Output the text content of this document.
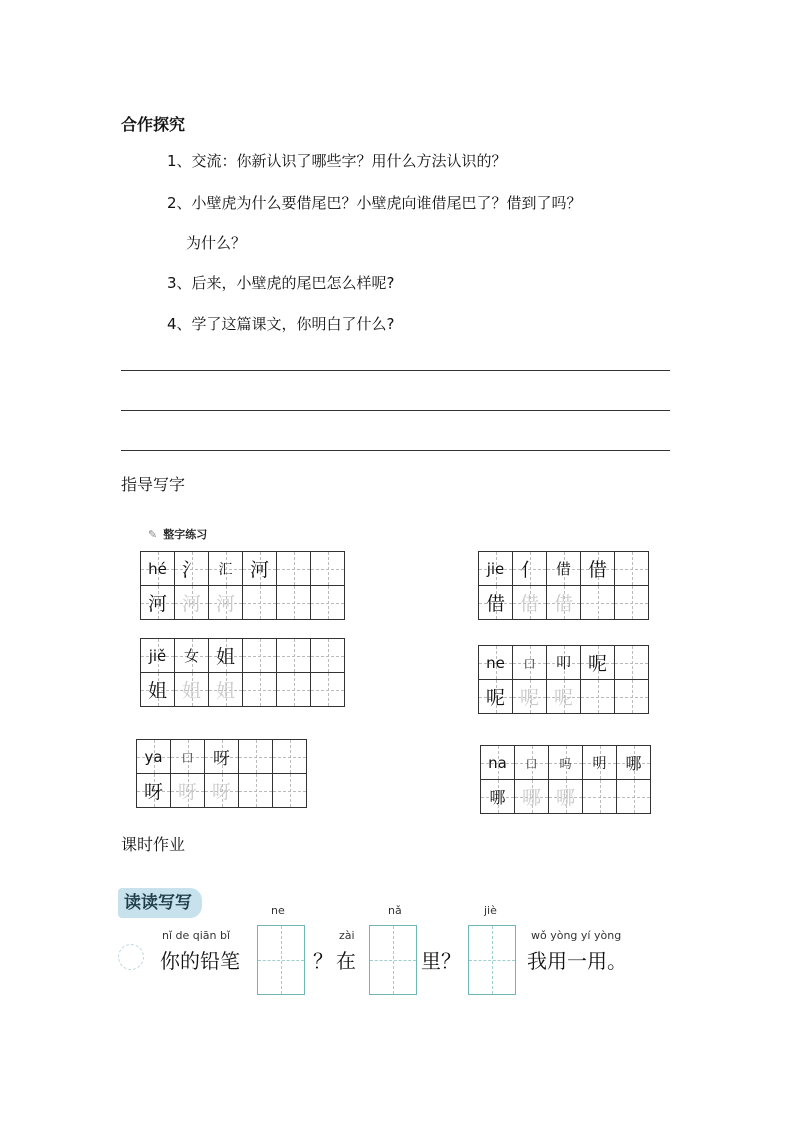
合作探究
1、交流：你新认识了哪些字？用什么方法认识的？
2、小壁虎为什么要借尾巴？小壁虎向谁借尾巴了？借到了吗？
为什么？
3、后来，小壁虎的尾巴怎么样呢?
4、学了这篇课文，你明白了什么?
指导写字
✎ 整字练习
hé	氵	汇	河		
河	河	河			
jie	亻	借	借	
借	借	借		
jiě	女	姐			
姐	姐	姐			
ne	口	叩	呢	
呢	呢	呢		
ya	口	呀		
呀	呀	呀		
na	口	吗	明	哪
哪	哪	哪		
课时作业
读读写写
nǐ de qiān bǐ
你的铅笔
ne
？
zài
在
nǎ
里？
jiè
wǒ yòng yí yòng
我用一用。
